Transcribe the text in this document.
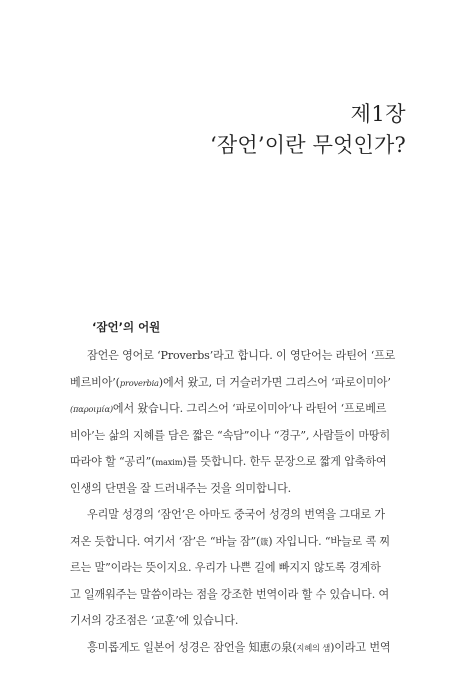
제1장
‘잠언’이란 무엇인가?
‘잠언’의 어원
잠언은 영어로 ‘Proverbs’라고 합니다. 이 영단어는 라틴어 ‘프로
베르비아’(proverbia)에서 왔고, 더 거슬러가면 그리스어 ‘파로이미아’
(παροιμία)에서 왔습니다. 그리스어 ‘파로이미아’나 라틴어 ‘프로베르
비아’는 삶의 지혜를 담은 짧은 “속담”이나 “경구”, 사람들이 마땅히
따라야 할 “공리”(maxim)를 뜻합니다. 한두 문장으로 짧게 압축하여
인생의 단면을 잘 드러내주는 것을 의미합니다.
우리말 성경의 ‘잠언’은 아마도 중국어 성경의 번역을 그대로 가
져온 듯합니다. 여기서 ‘잠’은 “바늘 잠”(箴) 자입니다. “바늘로 콕 찌
르는 말”이라는 뜻이지요. 우리가 나쁜 길에 빠지지 않도록 경계하
고 일깨워주는 말씀이라는 점을 강조한 번역이라 할 수 있습니다. 여
기서의 강조점은 ‘교훈’에 있습니다.
흥미롭게도 일본어 성경은 잠언을 知恵の泉(지혜의 샘)이라고 번역
